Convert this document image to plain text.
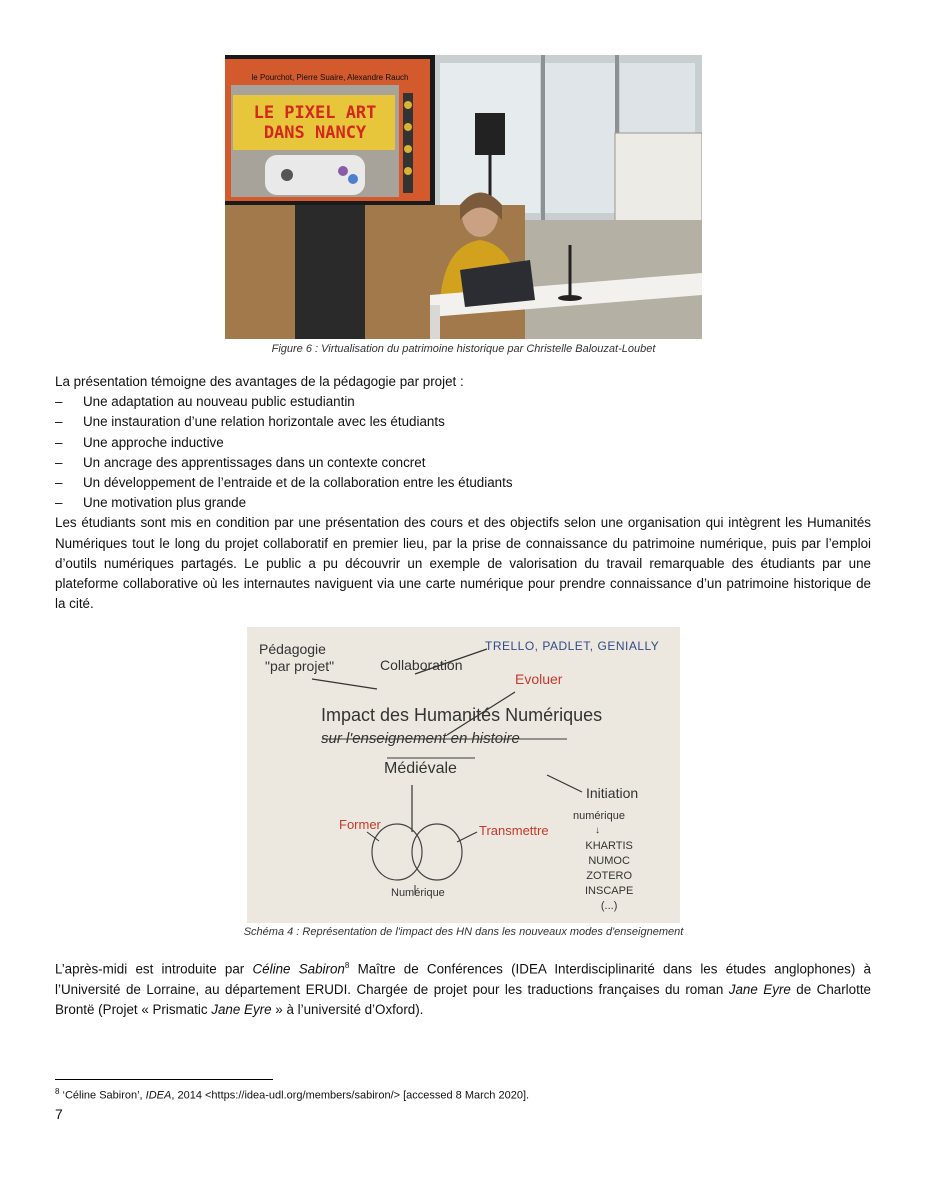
le Pourchot, Pierre Suaire, Alexandre Rauch
LE PIXEL ART
DANS NANCY
Figure 6 : Virtualisation du patrimoine historique par Christelle Balouzat-Loubet
La présentation témoigne des avantages de la pédagogie par projet :
– Une adaptation au nouveau public estudiantin
– Une instauration d’une relation horizontale avec les étudiants
– Une approche inductive
– Un ancrage des apprentissages dans un contexte concret
– Un développement de l’entraide et de la collaboration entre les étudiants
– Une motivation plus grande
Les étudiants sont mis en condition par une présentation des cours et des objectifs selon une organisation qui intègrent les Humanités Numériques tout le long du projet collaboratif en premier lieu, par la prise de connaissance du patrimoine numérique, puis par l’emploi d’outils numériques partagés. Le public a pu découvrir un exemple de valorisation du travail remarquable des étudiants par une plateforme collaborative où les internautes naviguent via une carte numérique pour prendre connaissance d’un patrimoine historique de la cité.
Pédagogie
"par projet"	Collaboration
TRELLO, PADLET, GENIALLY
Evoluer
Impact des Humanités Numériques
sur l'enseignement en histoire
Médiévale
Initiation
numérique
↓
KHARTIS
NUMOC
ZOTERO
INSCAPE
(...)
Former	Transmettre
Numérique
Schéma 4 : Représentation de l'impact des HN dans les nouveaux modes d'enseignement
L’après-midi est introduite par Céline Sabiron$^8$ Maître de Conférences (IDEA Interdisciplinarité dans les études anglophones) à l’Université de Lorraine, au département ERUDI. Chargée de projet pour les traductions françaises du roman Jane Eyre de Charlotte Brontë (Projet « Prismatic Jane Eyre » à l’université d’Oxford).
$^8$ ‘Céline Sabiron’, IDEA, 2014 <https://idea-udl.org/members/sabiron/> [accessed 8 March 2020].
7
